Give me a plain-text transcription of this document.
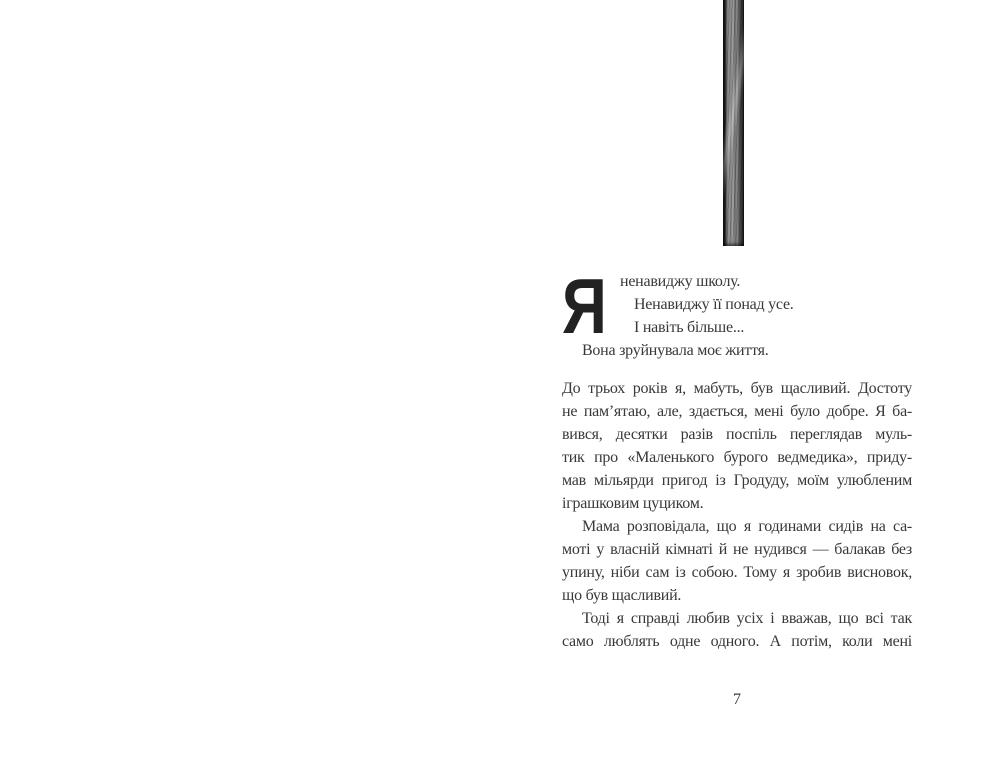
Я ненавиджу школу.
Ненавиджу її понад усе.
І навіть більше...
Вона зруйнувала моє життя.
До трьох років я, мабуть, був щасливий. Достоту
не пам’ятаю, але, здається, мені було добре. Я ба-
вився, десятки разів поспіль переглядав муль-
тик про «Маленького бурого ведмедика», приду-
мав мільярди пригод із Гродуду, моїм улюбленим
іграшковим цуциком.
Мама розповідала, що я годинами сидів на са-
моті у власній кімнаті й не нудився — балакав без
упину, ніби сам із собою. Тому я зробив висновок,
що був щасливий.
Тоді я справді любив усіх і вважав, що всі так
само люблять одне одного. А потім, коли мені
7
